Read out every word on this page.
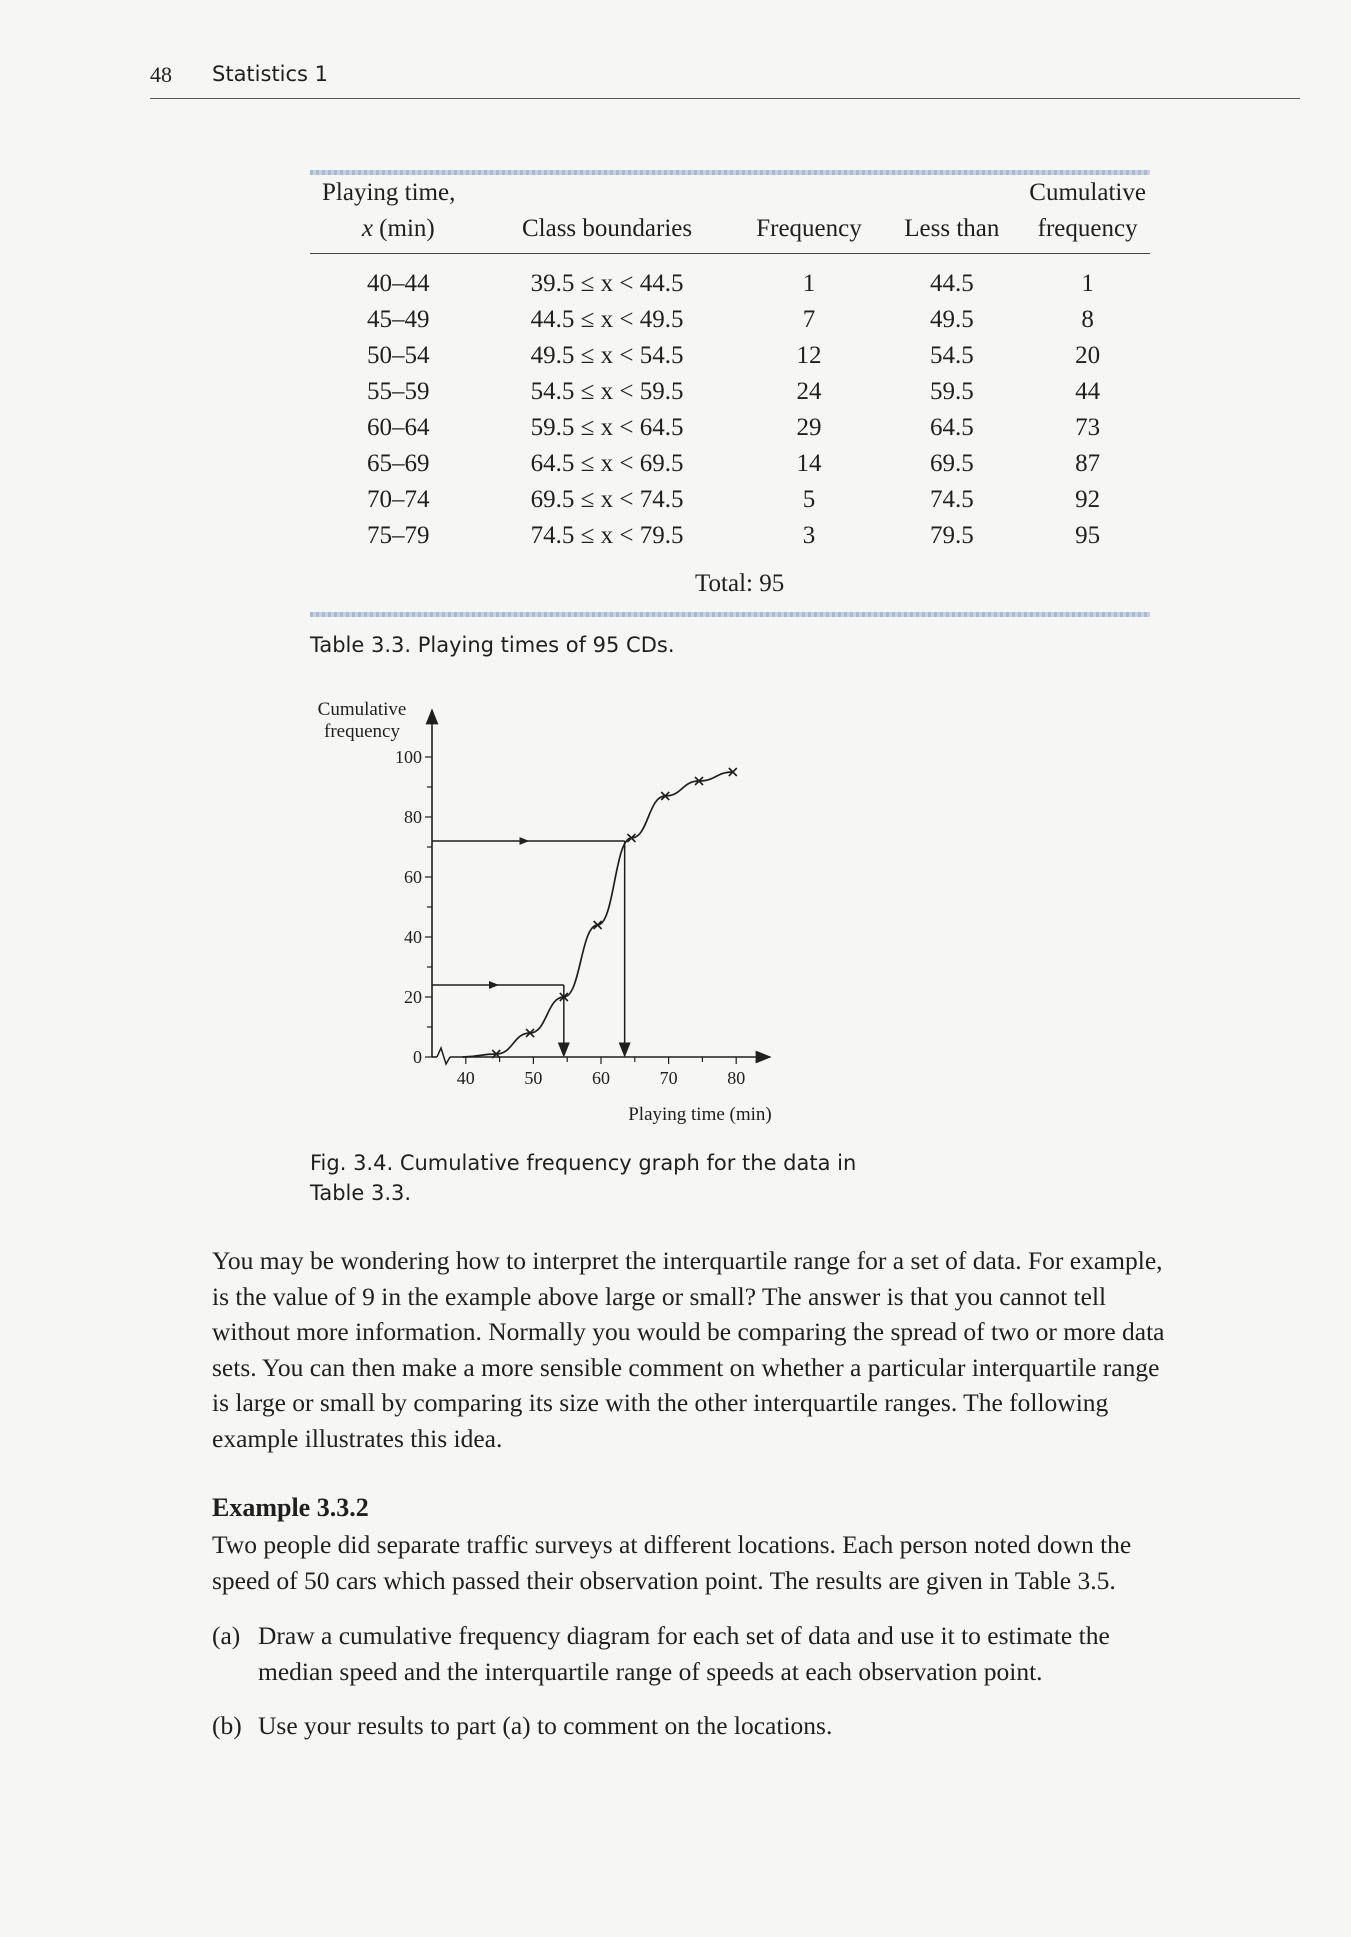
48 Statistics 1
Playing time,				Cumulative
x (min)	Class boundaries	Frequency	Less than	frequency
40–44	39.5 ≤ x < 44.5	1	44.5	1
45–49	44.5 ≤ x < 49.5	7	49.5	8
50–54	49.5 ≤ x < 54.5	12	54.5	20
55–59	54.5 ≤ x < 59.5	24	59.5	44
60–64	59.5 ≤ x < 64.5	29	64.5	73
65–69	64.5 ≤ x < 69.5	14	69.5	87
70–74	69.5 ≤ x < 74.5	5	74.5	92
75–79	74.5 ≤ x < 79.5	3	79.5	95
Total: 95				
Table 3.3. Playing times of 95 CDs.
Cumulative
frequency
Playing time (min)
0
20
40
60
80
100
40	50	60	70	80
Fig. 3.4. Cumulative frequency graph for the data in
Table 3.3.
You may be wondering how to interpret the interquartile range for a set of data. For example,
is the value of 9 in the example above large or small? The answer is that you cannot tell
without more information. Normally you would be comparing the spread of two or more data
sets. You can then make a more sensible comment on whether a particular interquartile range
is large or small by comparing its size with the other interquartile ranges. The following
example illustrates this idea.
Example 3.3.2
Two people did separate traffic surveys at different locations. Each person noted down the
speed of 50 cars which passed their observation point. The results are given in Table 3.5.
(a) Draw a cumulative frequency diagram for each set of data and use it to estimate the
median speed and the interquartile range of speeds at each observation point.
(b) Use your results to part (a) to comment on the locations.
